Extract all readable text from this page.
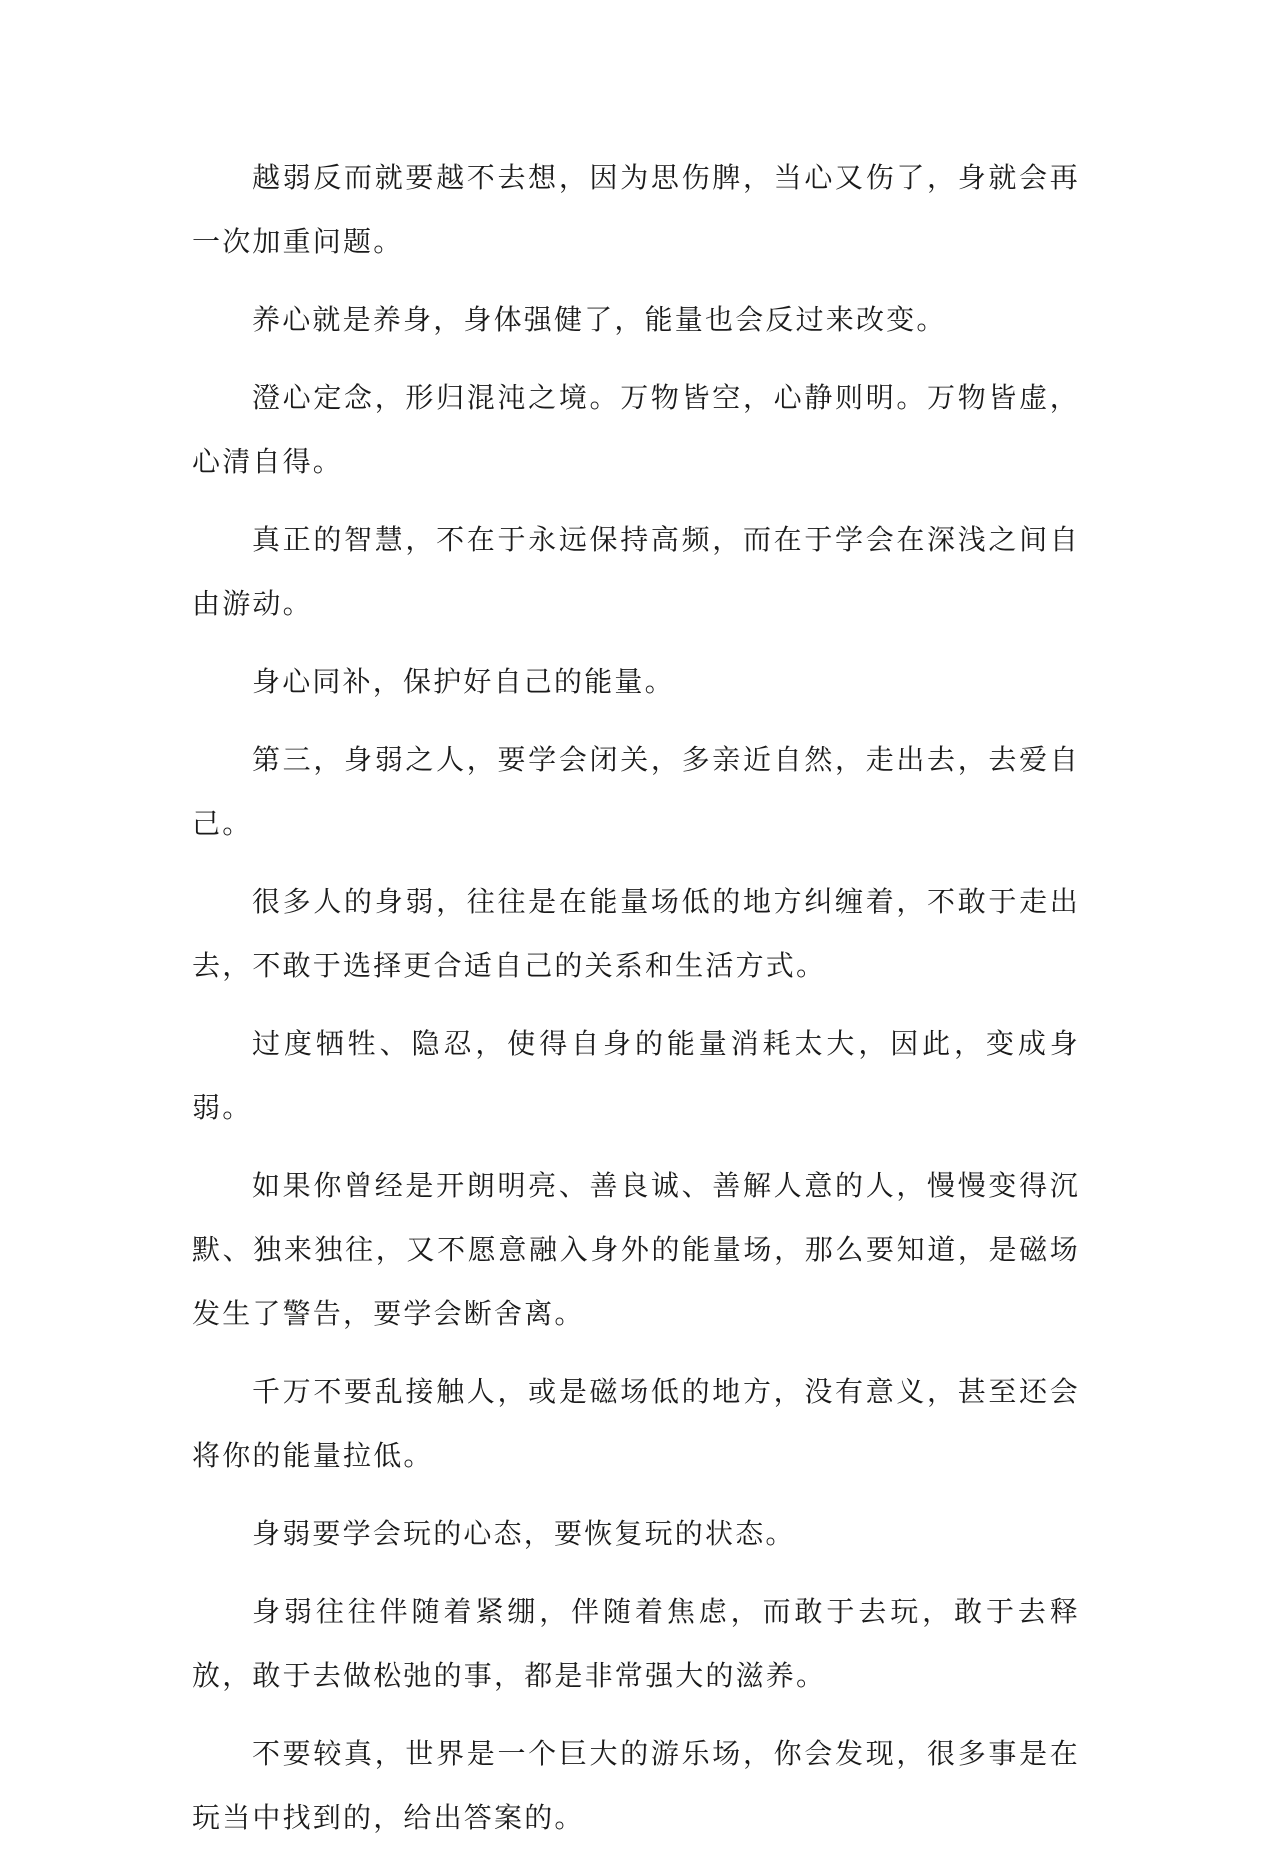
越弱反而就要越不去想，因为思伤脾，当心又伤了，身就会再一次加重问题。

养心就是养身，身体强健了，能量也会反过来改变。

澄心定念，形归混沌之境。万物皆空，心静则明。万物皆虚，心清自得。

真正的智慧，不在于永远保持高频，而在于学会在深浅之间自由游动。

身心同补，保护好自己的能量。

第三，身弱之人，要学会闭关，多亲近自然，走出去，去爱自己。

很多人的身弱，往往是在能量场低的地方纠缠着，不敢于走出去，不敢于选择更合适自己的关系和生活方式。

过度牺牲、隐忍，使得自身的能量消耗太大，因此，变成身弱。

如果你曾经是开朗明亮、善良诚、善解人意的人，慢慢变得沉默、独来独往，又不愿意融入身外的能量场，那么要知道，是磁场发生了警告，要学会断舍离。

千万不要乱接触人，或是磁场低的地方，没有意义，甚至还会将你的能量拉低。

身弱要学会玩的心态，要恢复玩的状态。

身弱往往伴随着紧绷，伴随着焦虑，而敢于去玩，敢于去释放，敢于去做松弛的事，都是非常强大的滋养。

不要较真，世界是一个巨大的游乐场，你会发现，很多事是在玩当中找到的，给出答案的。
